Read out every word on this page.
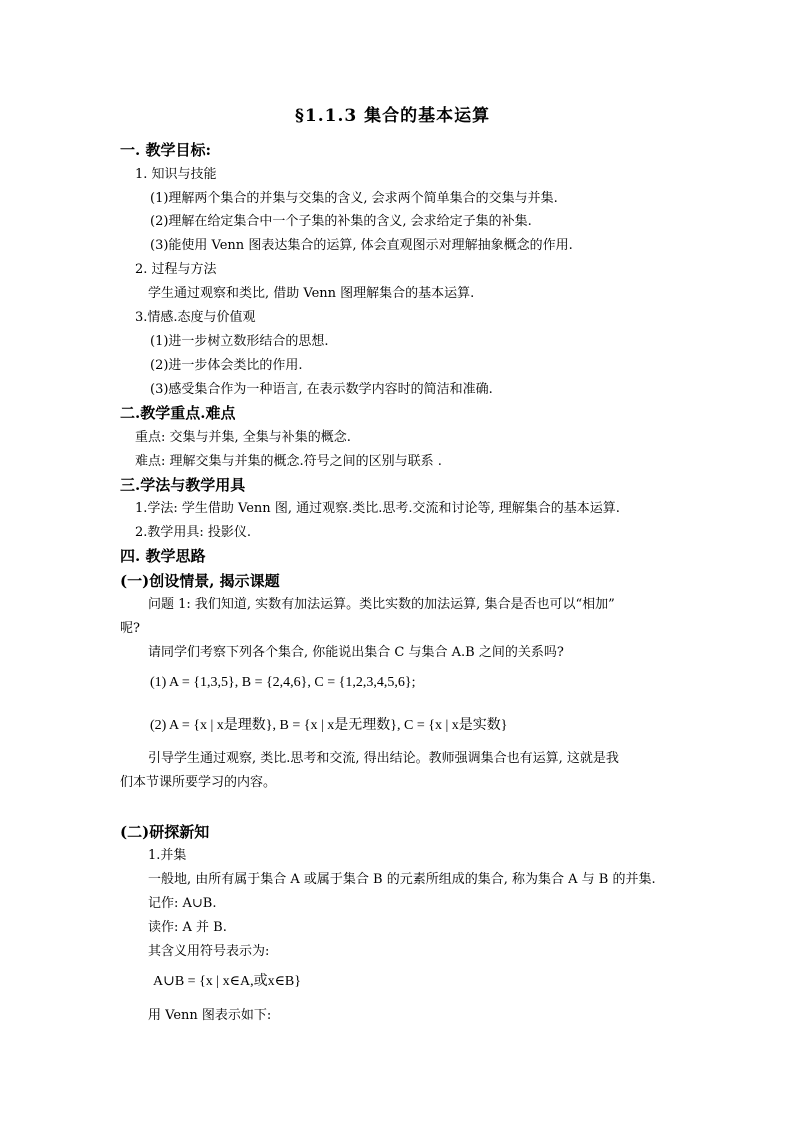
§1.1.3 集合的基本运算
一. 教学目标:
1. 知识与技能
(1)理解两个集合的并集与交集的含义, 会求两个简单集合的交集与并集.
(2)理解在给定集合中一个子集的补集的含义, 会求给定子集的补集.
(3)能使用 Venn 图表达集合的运算, 体会直观图示对理解抽象概念的作用.
2. 过程与方法
学生通过观察和类比, 借助 Venn 图理解集合的基本运算.
3.情感.态度与价值观
(1)进一步树立数形结合的思想.
(2)进一步体会类比的作用.
(3)感受集合作为一种语言, 在表示数学内容时的简洁和准确.
二.教学重点.难点
重点: 交集与并集, 全集与补集的概念.
难点: 理解交集与并集的概念.符号之间的区别与联系 .
三.学法与教学用具
1.学法: 学生借助 Venn 图, 通过观察.类比.思考.交流和讨论等, 理解集合的基本运算.
2.教学用具: 投影仪.
四. 教学思路
(一)创设情景, 揭示课题
问题 1: 我们知道, 实数有加法运算。类比实数的加法运算, 集合是否也可以“相加”
呢?
请同学们考察下列各个集合, 你能说出集合 C 与集合 A.B 之间的关系吗?
(1) A = {1,3,5}, B = {2,4,6}, C = {1,2,3,4,5,6};
(2) A = {x | x是理数}, B = {x | x是无理数}, C = {x | x是实数}
引导学生通过观察, 类比.思考和交流, 得出结论。教师强调集合也有运算, 这就是我
们本节课所要学习的内容。
(二)研探新知
1.并集
一般地, 由所有属于集合 A 或属于集合 B 的元素所组成的集合, 称为集合 A 与 B 的并集.
记作: A∪B.
读作: A 并 B.
其含义用符号表示为:
A∪B = {x | x∈A,或x∈B}
用 Venn 图表示如下:
